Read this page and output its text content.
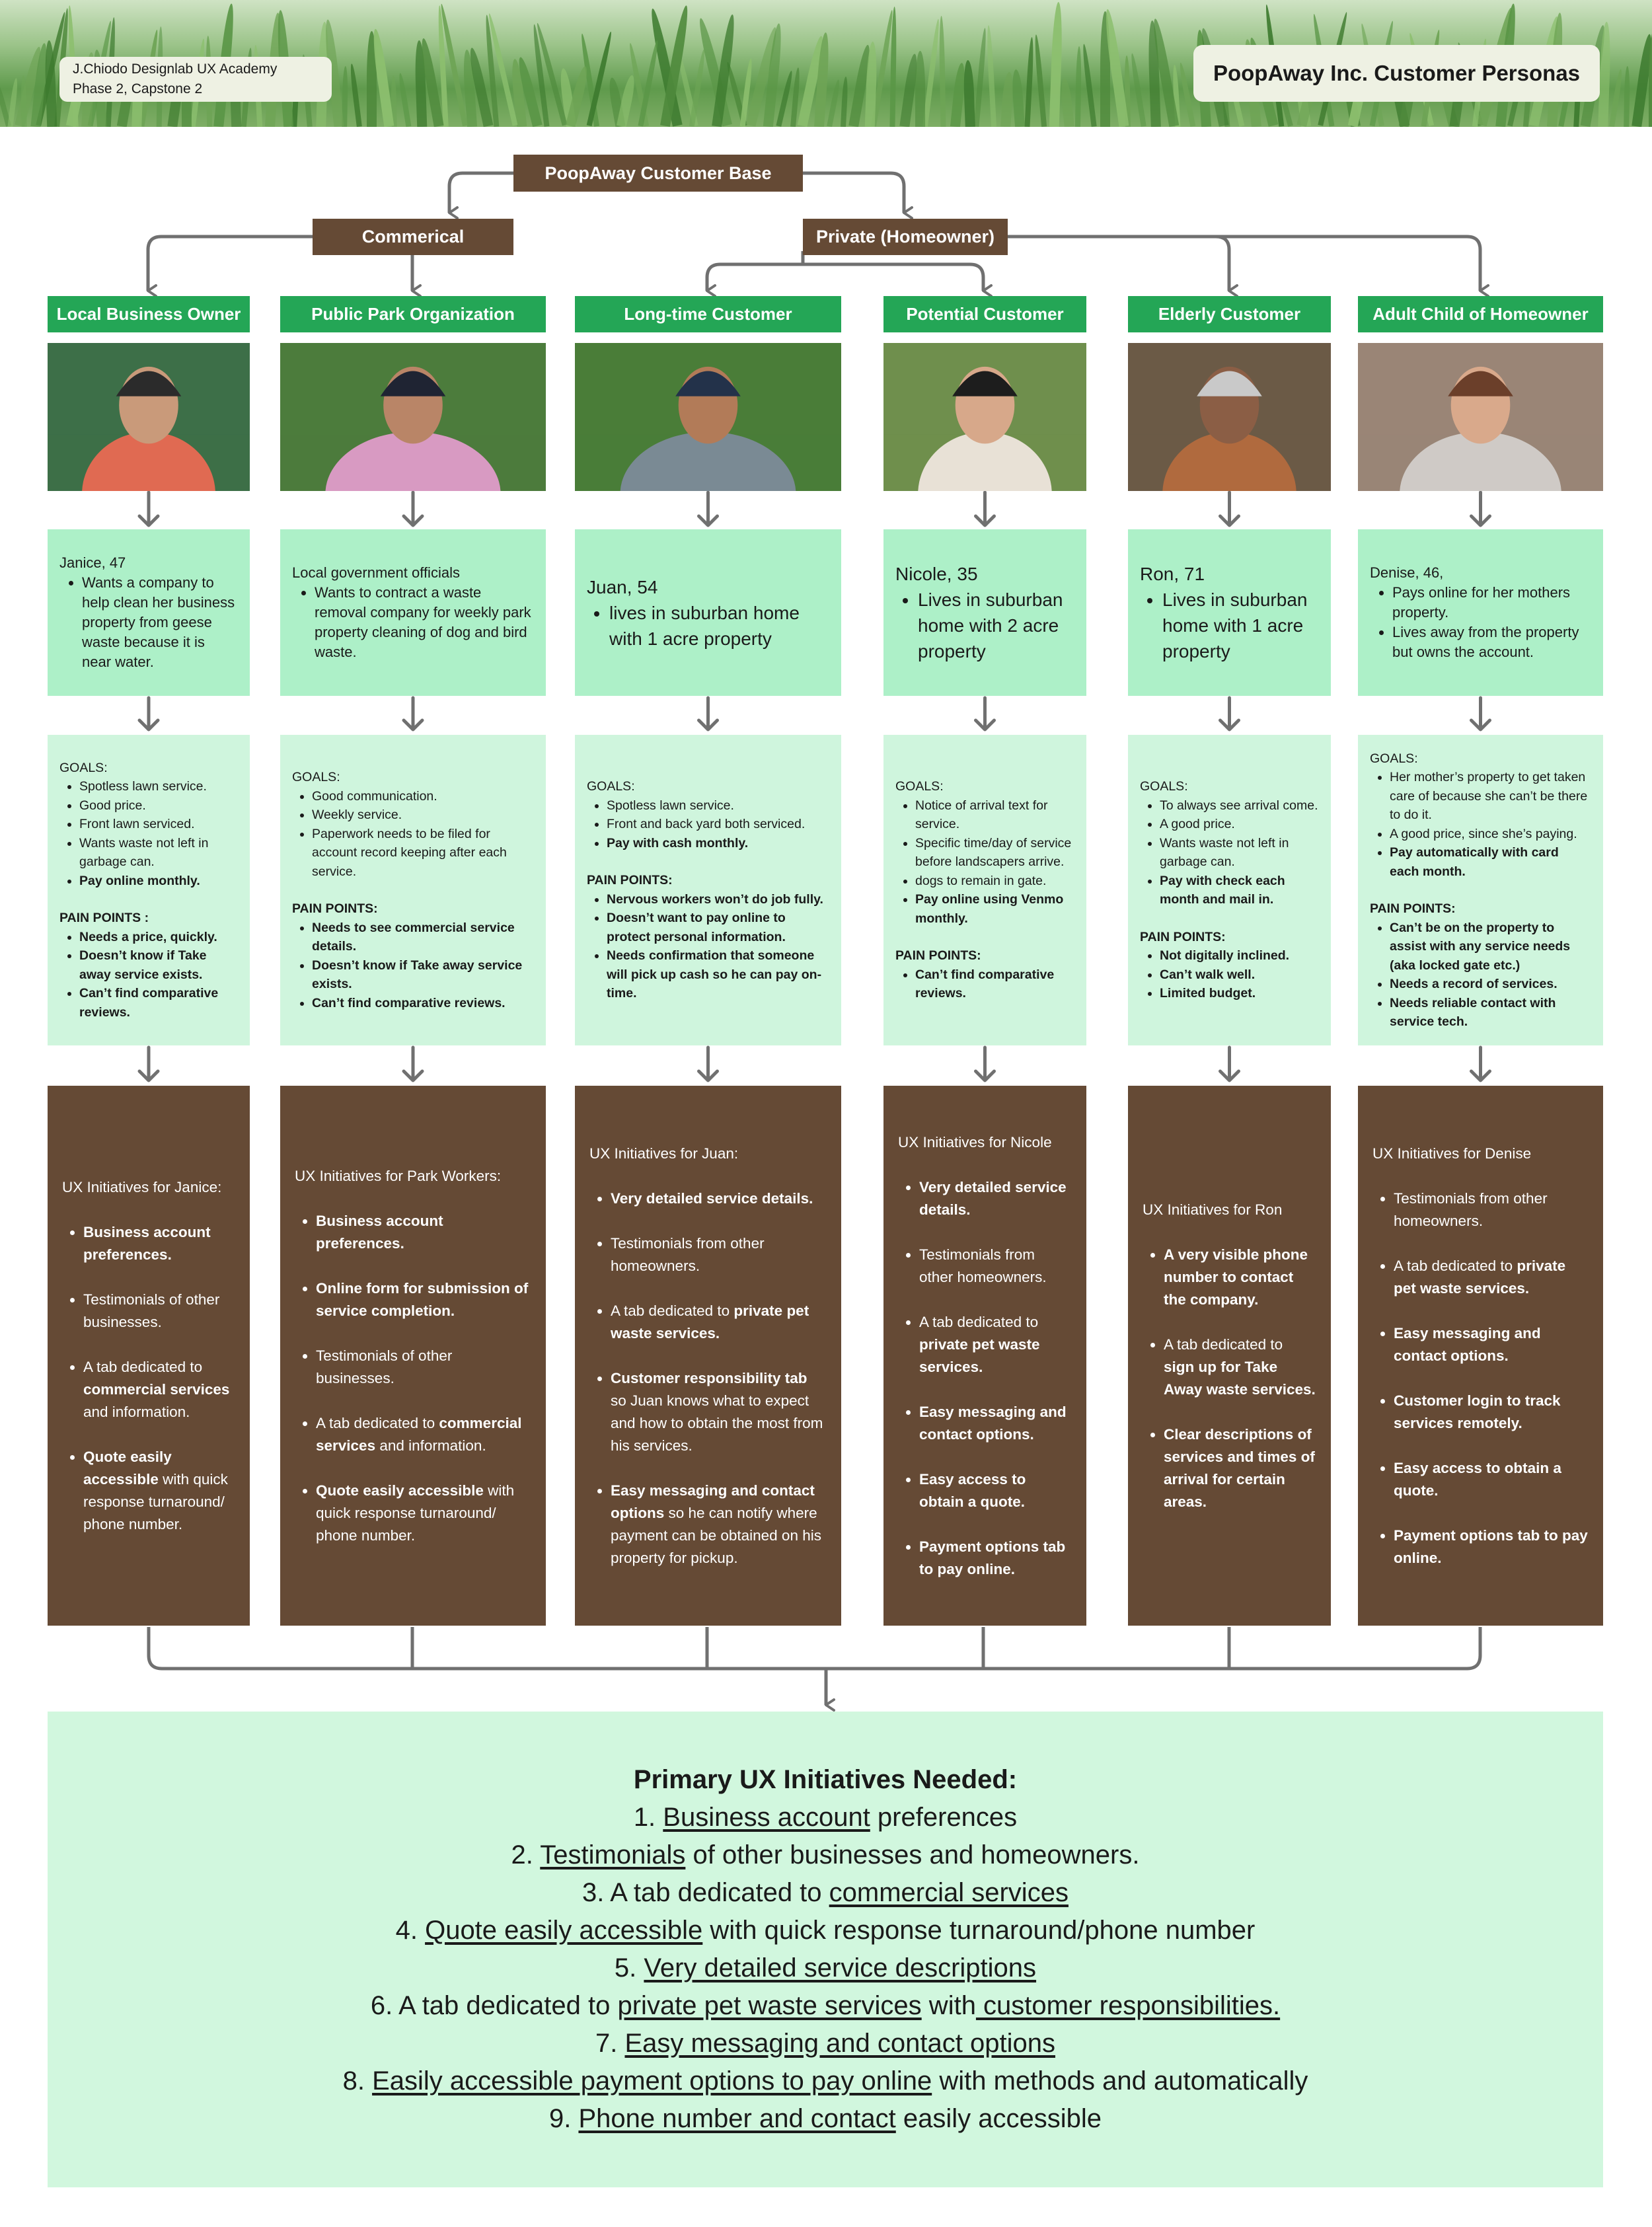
J.Chiodo Designlab UX Academy
Phase 2, Capstone 2
PoopAway Inc. Customer Personas
PoopAway Customer Base
Commerical	Private (Homeowner)
Local Business Owner

Janice, 47

• Wants a company to help clean her business property from geese waste because it is near water.

GOALS:

• Spotless lawn service.
• Good price.
• Front lawn serviced.
• Wants waste not left in garbage can.
• Pay online monthly.

PAIN POINTS :

• Needs a price, quickly.
• Doesn’t know if Take away service exists.
• Can’t find comparative reviews.

UX Initiatives for Janice:

• Business account preferences.
• Testimonials of other businesses.
• A tab dedicated to commercial services and information.
• Quote easily accessible with quick response turnaround/ phone number.
Public Park Organization

Local government officials

• Wants to contract a waste removal company for weekly park property cleaning of dog and bird waste.

GOALS:

• Good communication.
• Weekly service.
• Paperwork needs to be filed for account record keeping after each service.

PAIN POINTS:

• Needs to see commercial service details.
• Doesn’t know if Take away service exists.
• Can’t find comparative reviews.

UX Initiatives for Park Workers:

• Business account preferences.
• Online form for submission of service completion.
• Testimonials of other businesses.
• A tab dedicated to commercial services and information.
• Quote easily accessible with quick response turnaround/ phone number.
Long-time Customer

Juan, 54

• lives in suburban home with 1 acre property

GOALS:

• Spotless lawn service.
• Front and back yard both serviced.
• Pay with cash monthly.

PAIN POINTS:

• Nervous workers won’t do job fully.
• Doesn’t want to pay online to protect personal information.
• Needs confirmation that someone will pick up cash so he can pay on-time.

UX Initiatives for Juan:

• Very detailed service details.
• Testimonials from other homeowners.
• A tab dedicated to private pet waste services.
• Customer responsibility tab so Juan knows what to expect and how to obtain the most from his services.
• Easy messaging and contact options so he can notify where payment can be obtained on his property for pickup.
Potential Customer

Nicole, 35

• Lives in suburban home with 2 acre property

GOALS:

• Notice of arrival text for service.
• Specific time/day of service before landscapers arrive.
• dogs to remain in gate.
• Pay online using Venmo monthly.

PAIN POINTS:

• Can’t find comparative reviews.

UX Initiatives for Nicole

• Very detailed service details.
• Testimonials from other homeowners.
• A tab dedicated to private pet waste services.
• Easy messaging and contact options.
• Easy access to obtain a quote.
• Payment options tab to pay online.
Elderly Customer

Ron, 71

• Lives in suburban home with 1 acre property

GOALS:

• To always see arrival come.
• A good price.
• Wants waste not left in garbage can.
• Pay with check each month and mail in.

PAIN POINTS:

• Not digitally inclined.
• Can’t walk well.
• Limited budget.

UX Initiatives for Ron

• A very visible phone number to contact the company.
• A tab dedicated to sign up for Take Away waste services.
• Clear descriptions of services and times of arrival for certain areas.
Adult Child of Homeowner

Denise, 46,

• Pays online for her mothers property.
• Lives away from the property but owns the account.

GOALS:

• Her mother’s property to get taken care of because she can’t be there to do it.
• A good price, since she’s paying.
• Pay automatically with card each month.

PAIN POINTS:

• Can’t be on the property to assist with any service needs (aka locked gate etc.)
• Needs a record of services.
• Needs reliable contact with service tech.

UX Initiatives for Denise

• Testimonials from other homeowners.
• A tab dedicated to private pet waste services.
• Easy messaging and contact options.
• Customer login to track services remotely.
• Easy access to obtain a quote.
• Payment options tab to pay online.
Primary UX Initiatives Needed:
1. Business account preferences
2. Testimonials of other businesses and homeowners.
3. A tab dedicated to commercial services
4. Quote easily accessible with quick response turnaround/phone number
5. Very detailed service descriptions
6. A tab dedicated to private pet waste services with customer responsibilities.
7. Easy messaging and contact options
8. Easily accessible payment options to pay online with methods and automatically
9. Phone number and contact easily accessible
